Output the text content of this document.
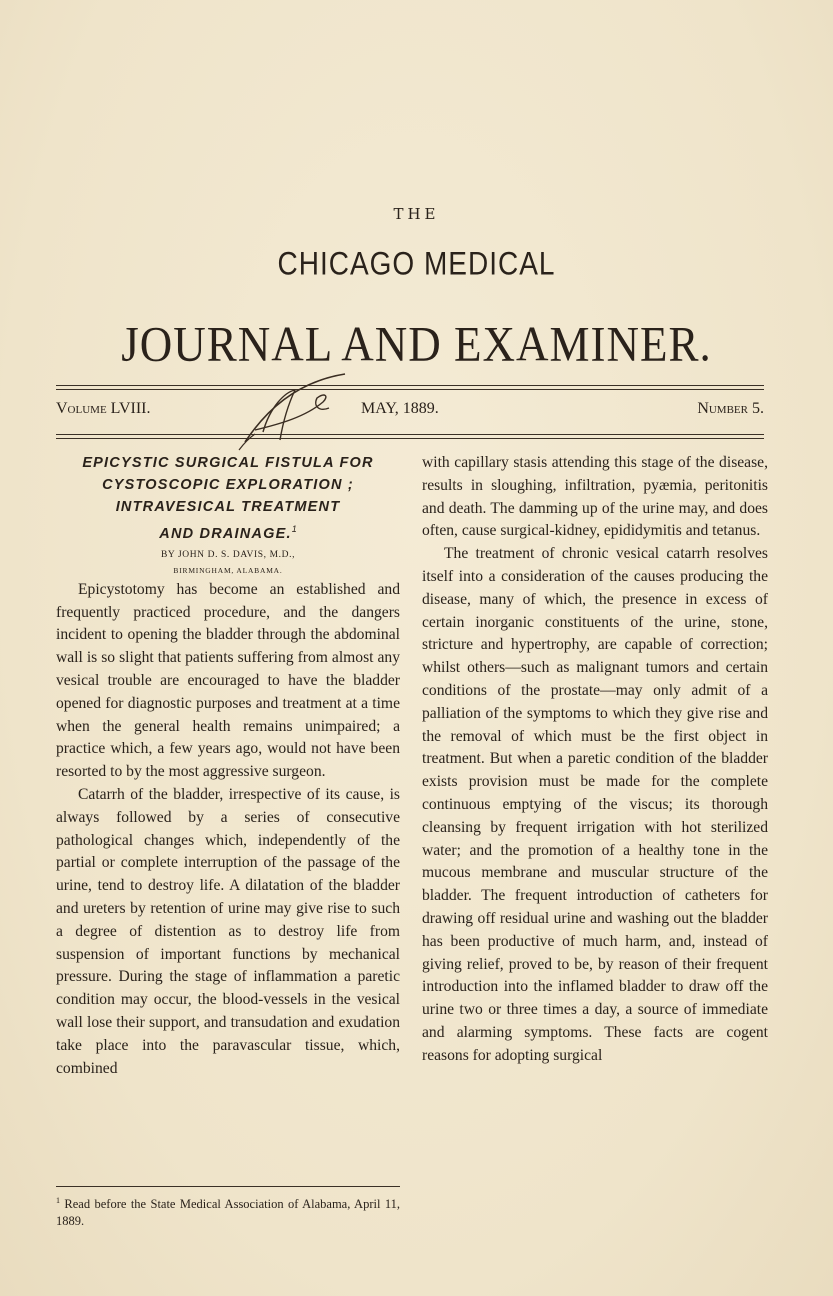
THE
CHICAGO MEDICAL
JOURNAL AND EXAMINER.
Volume LVIII.	MAY, 1889.	Number 5.
EPICYSTIC SURGICAL FISTULA FOR
CYSTOSCOPIC EXPLORATION ;
INTRAVESICAL TREATMENT
AND DRAINAGE.$^1$
BY JOHN D. S. DAVIS, M.D.,
BIRMINGHAM, ALABAMA.

Epicystotomy has become an established and frequently practiced procedure, and the dangers incident to opening the bladder through the abdominal wall is so slight that patients suffering from almost any vesical trouble are encouraged to have the bladder opened for diagnostic purposes and treatment at a time when the general health remains unimpaired; a practice which, a few years ago, would not have been resorted to by the most aggressive surgeon.

Catarrh of the bladder, irrespective of its cause, is always followed by a series of consecutive pathological changes which, independently of the partial or complete interruption of the passage of the urine, tend to destroy life. A dilatation of the bladder and ureters by retention of urine may give rise to such a degree of distention as to destroy life from suspension of important functions by mechanical pressure. During the stage of inflammation a paretic condition may occur, the blood-vessels in the vesical wall lose their support, and transudation and exudation take place into the paravascular tissue, which, combined

with capillary stasis attending this stage of the disease, results in sloughing, infiltration, pyæmia, peritonitis and death. The damming up of the urine may, and does often, cause surgical-kidney, epididymitis and tetanus.

The treatment of chronic vesical catarrh resolves itself into a consideration of the causes producing the disease, many of which, the presence in excess of certain inorganic constituents of the urine, stone, stricture and hypertrophy, are capable of correction; whilst others—such as malignant tumors and certain conditions of the prostate—may only admit of a palliation of the symptoms to which they give rise and the removal of which must be the first object in treatment. But when a paretic condition of the bladder exists provision must be made for the complete continuous emptying of the viscus; its thorough cleansing by frequent irrigation with hot sterilized water; and the promotion of a healthy tone in the mucous membrane and muscular structure of the bladder. The frequent introduction of catheters for drawing off residual urine and washing out the bladder has been productive of much harm, and, instead of giving relief, proved to be, by reason of their frequent introduction into the inflamed bladder to draw off the urine two or three times a day, a source of immediate and alarming symptoms. These facts are cogent reasons for adopting surgical

$^1$ Read before the State Medical Association of Alabama, April 11, 1889.
